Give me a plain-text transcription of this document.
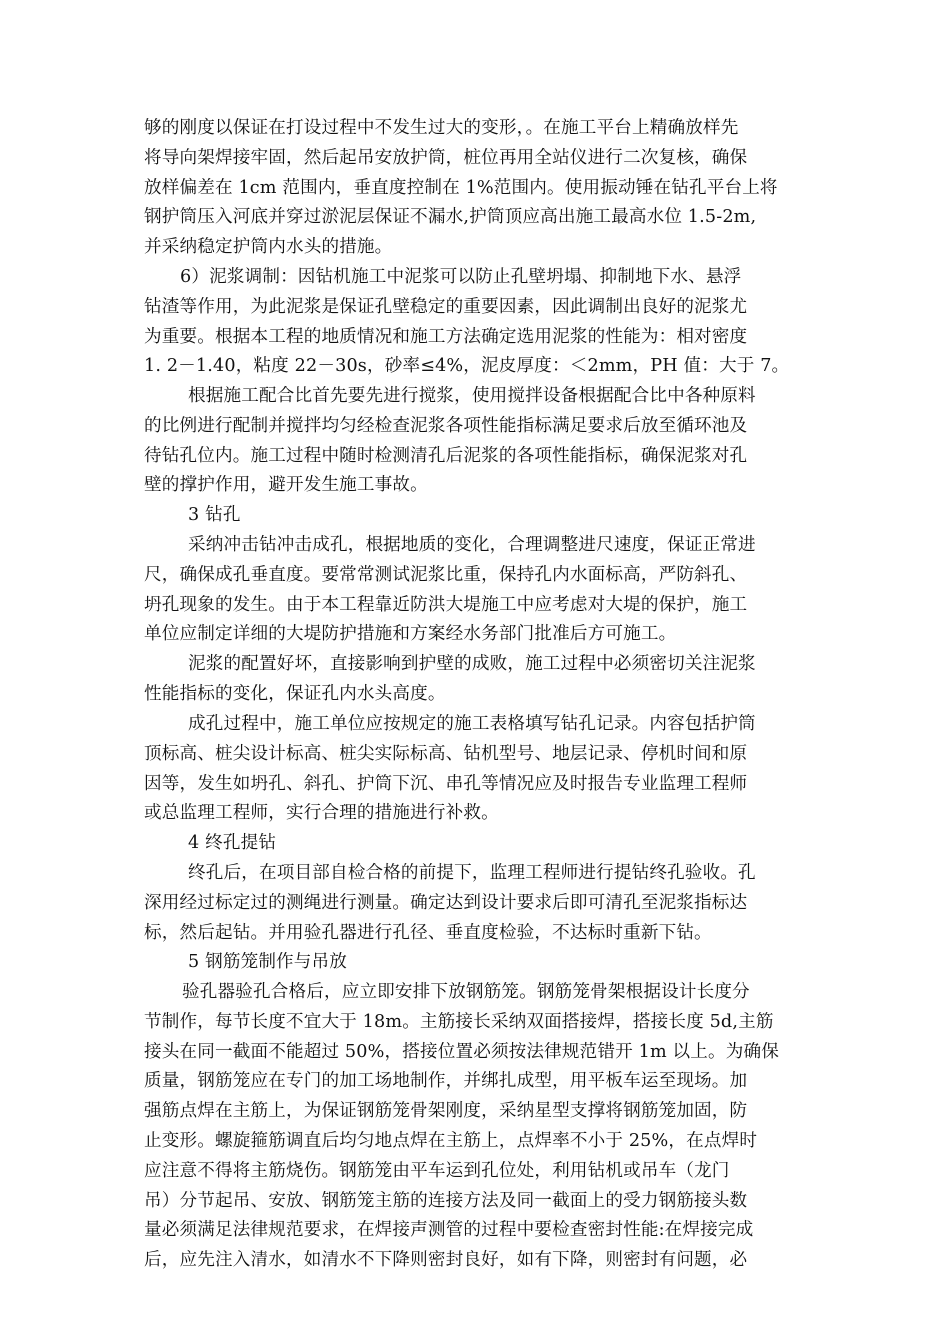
够的刚度以保证在打设过程中不发生过大的变形，。在施工平台上精确放样先
将导向架焊接牢固，然后起吊安放护筒，桩位再用全站仪进行二次复核，确保
放样偏差在 1cm 范围内，垂直度控制在 1%范围内。使用振动锤在钻孔平台上将
钢护筒压入河底并穿过淤泥层保证不漏水,护筒顶应高出施工最高水位 1.5-2m,
并采纳稳定护筒内水头的措施。
6）泥浆调制：因钻机施工中泥浆可以防止孔壁坍塌、抑制地下水、悬浮
钻渣等作用，为此泥浆是保证孔壁稳定的重要因素，因此调制出良好的泥浆尤
为重要。根据本工程的地质情况和施工方法确定选用泥浆的性能为：相对密度
1. 2－1.40，粘度 22－30s，砂率≤4%，泥皮厚度：＜2mm，PH 值：大于 7。
根据施工配合比首先要先进行搅浆，使用搅拌设备根据配合比中各种原料
的比例进行配制并搅拌均匀经检查泥浆各项性能指标满足要求后放至循环池及
待钻孔位内。施工过程中随时检测清孔后泥浆的各项性能指标，确保泥浆对孔
壁的撑护作用，避开发生施工事故。
3 钻孔
采纳冲击钻冲击成孔，根据地质的变化，合理调整进尺速度，保证正常进
尺，确保成孔垂直度。要常常测试泥浆比重，保持孔内水面标高，严防斜孔、
坍孔现象的发生。由于本工程靠近防洪大堤施工中应考虑对大堤的保护，施工
单位应制定详细的大堤防护措施和方案经水务部门批准后方可施工。
泥浆的配置好坏，直接影响到护壁的成败，施工过程中必须密切关注泥浆
性能指标的变化，保证孔内水头高度。
成孔过程中，施工单位应按规定的施工表格填写钻孔记录。内容包括护筒
顶标高、桩尖设计标高、桩尖实际标高、钻机型号、地层记录、停机时间和原
因等，发生如坍孔、斜孔、护筒下沉、串孔等情况应及时报告专业监理工程师
或总监理工程师，实行合理的措施进行补救。
4 终孔提钻
终孔后，在项目部自检合格的前提下，监理工程师进行提钻终孔验收。孔
深用经过标定过的测绳进行测量。确定达到设计要求后即可清孔至泥浆指标达
标，然后起钻。并用验孔器进行孔径、垂直度检验，不达标时重新下钻。
5 钢筋笼制作与吊放
验孔器验孔合格后，应立即安排下放钢筋笼。钢筋笼骨架根据设计长度分
节制作，每节长度不宜大于 18m。主筋接长采纳双面搭接焊，搭接长度 5d,主筋
接头在同一截面不能超过 50%，搭接位置必须按法律规范错开 1m 以上。为确保
质量，钢筋笼应在专门的加工场地制作，并绑扎成型，用平板车运至现场。加
强筋点焊在主筋上，为保证钢筋笼骨架刚度，采纳星型支撑将钢筋笼加固，防
止变形。螺旋箍筋调直后均匀地点焊在主筋上，点焊率不小于 25%，在点焊时
应注意不得将主筋烧伤。钢筋笼由平车运到孔位处，利用钻机或吊车（龙门
吊）分节起吊、安放、钢筋笼主筋的连接方法及同一截面上的受力钢筋接头数
量必须满足法律规范要求，在焊接声测管的过程中要检查密封性能:在焊接完成
后，应先注入清水，如清水不下降则密封良好，如有下降，则密封有问题，必
